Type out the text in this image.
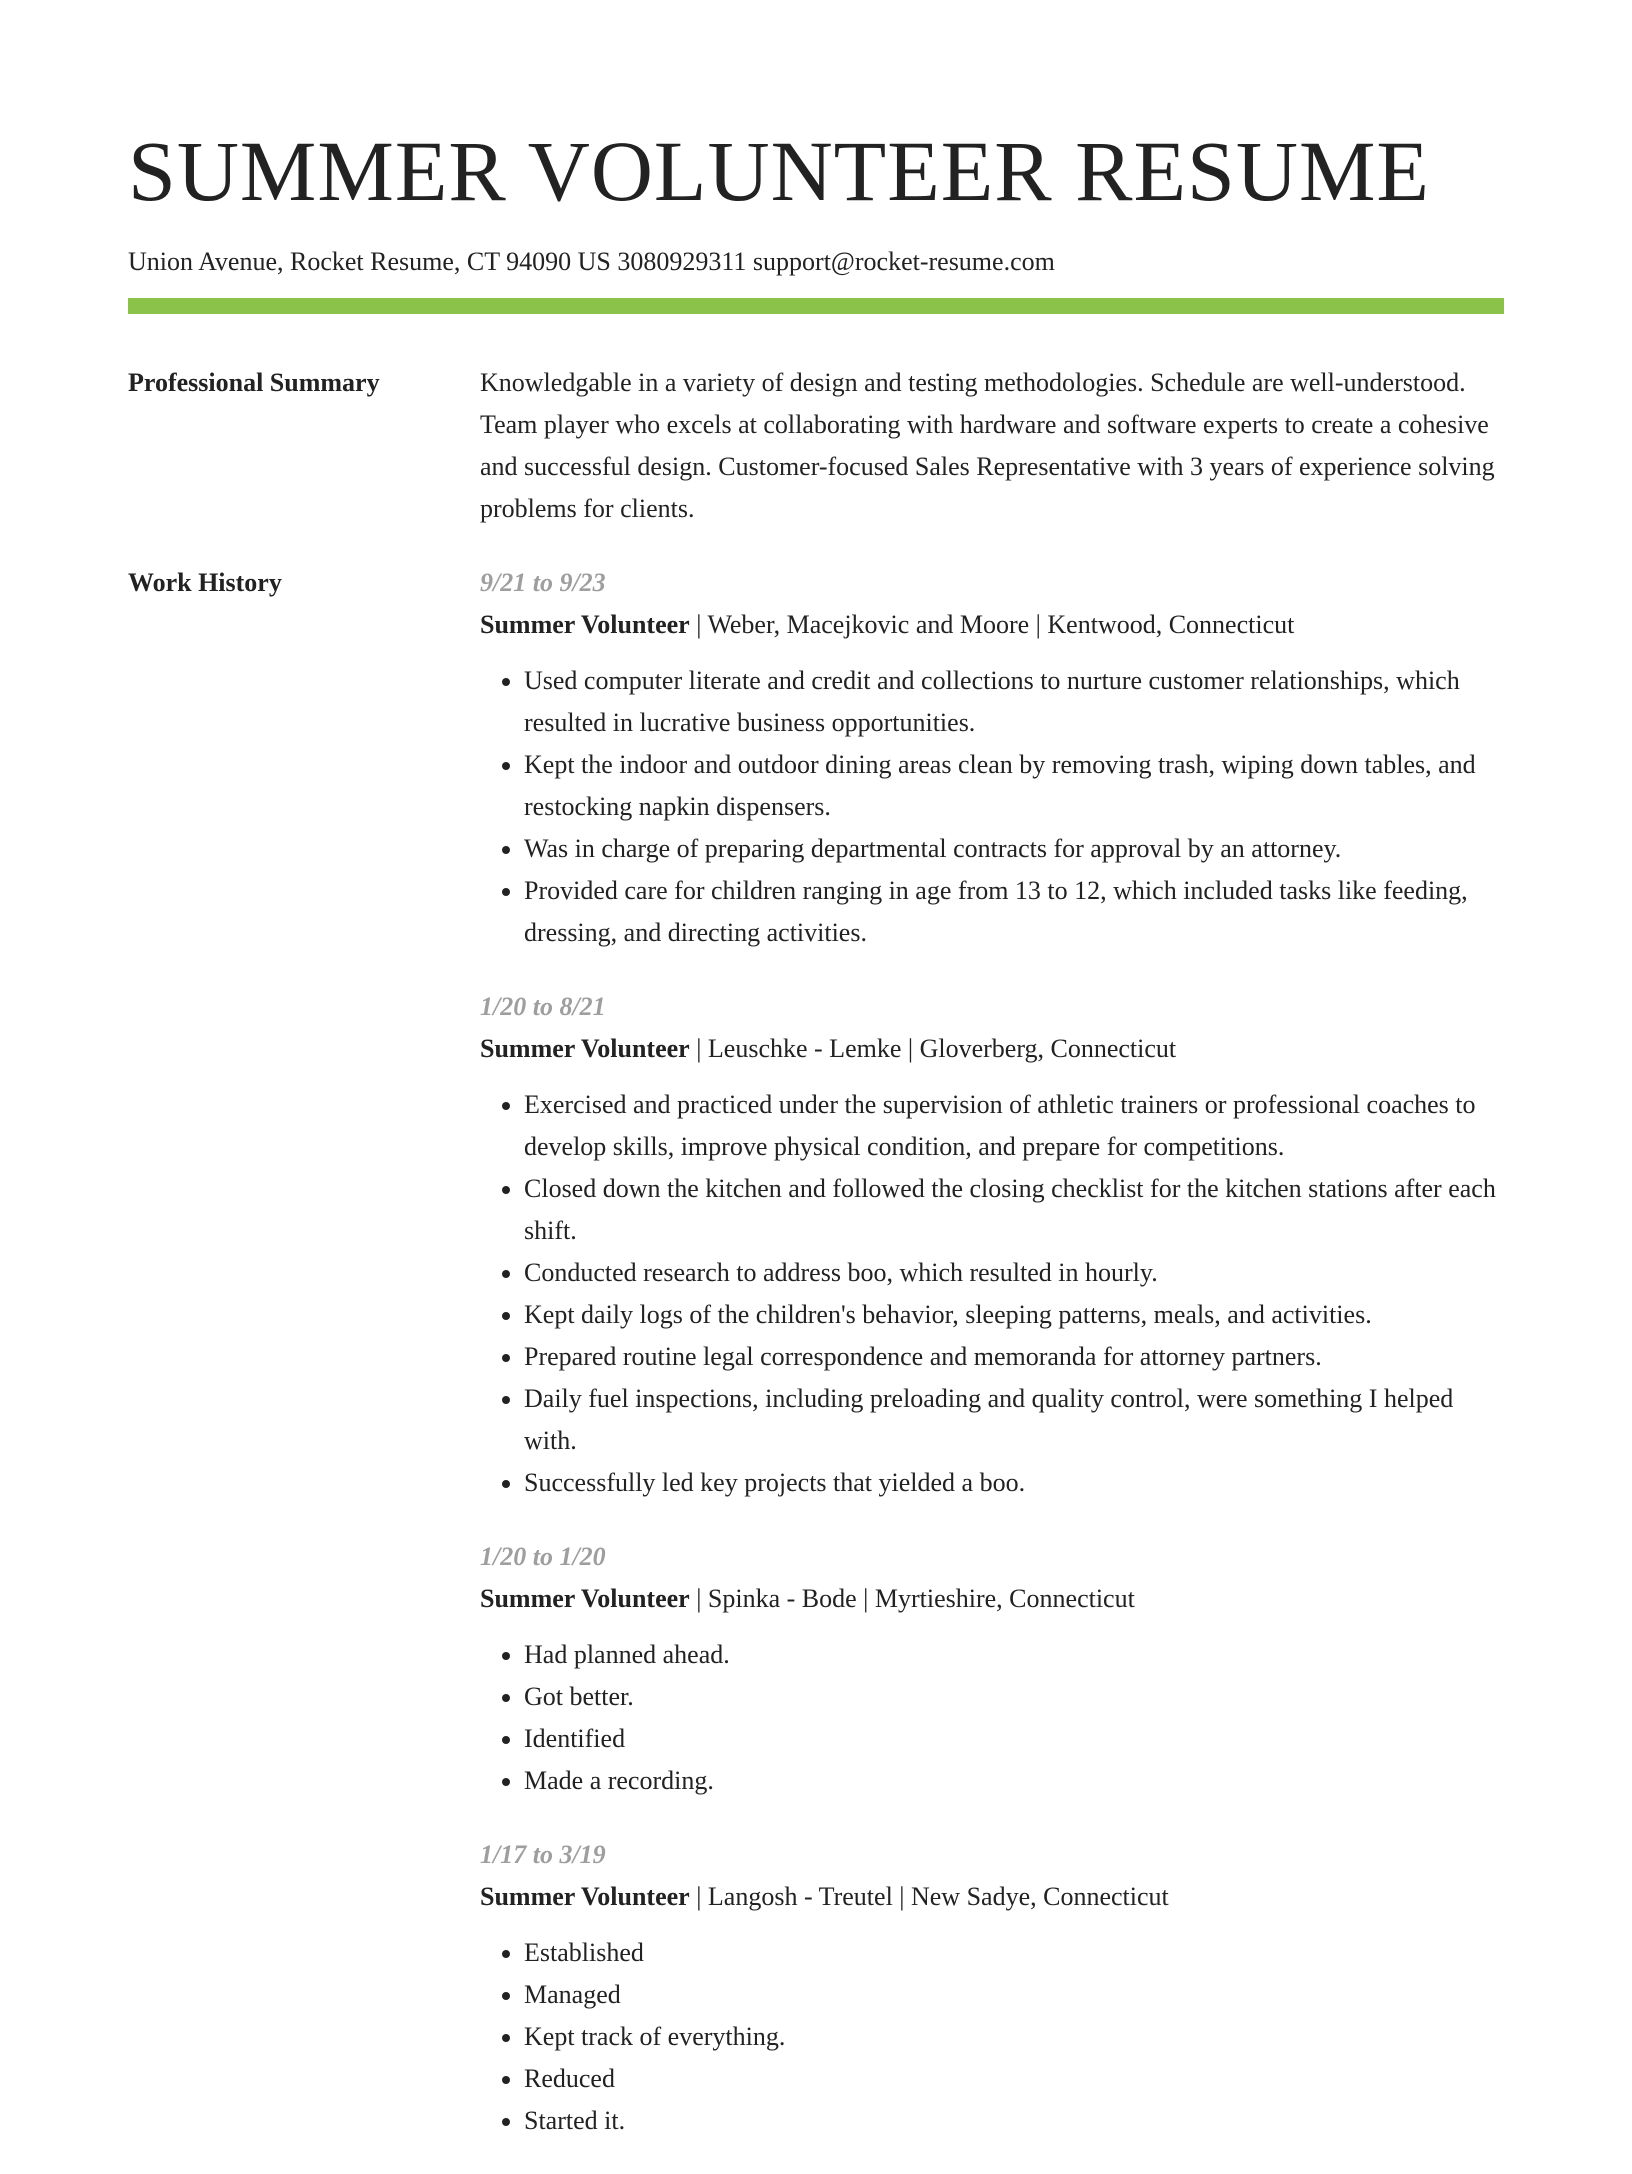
SUMMER VOLUNTEER RESUME
Union Avenue, Rocket Resume, CT 94090 US 3080929311 support@rocket-resume.com
Professional Summary	Knowledgable in a variety of design and testing methodologies. Schedule are well-understood. Team player who excels at collaborating with hardware and software experts to create a cohesive and successful design. Customer-focused Sales Representative with 3 years of experience solving problems for clients.

Work History	9/21 to 9/23
Summer Volunteer | Weber, Macejkovic and Moore | Kentwood, Connecticut
• Used computer literate and credit and collections to nurture customer relationships, which resulted in lucrative business opportunities.
• Kept the indoor and outdoor dining areas clean by removing trash, wiping down tables, and restocking napkin dispensers.
• Was in charge of preparing departmental contracts for approval by an attorney.
• Provided care for children ranging in age from 13 to 12, which included tasks like feeding, dressing, and directing activities.
1/20 to 8/21
Summer Volunteer | Leuschke - Lemke | Gloverberg, Connecticut
• Exercised and practiced under the supervision of athletic trainers or professional coaches to develop skills, improve physical condition, and prepare for competitions.
• Closed down the kitchen and followed the closing checklist for the kitchen stations after each shift.
• Conducted research to address boo, which resulted in hourly.
• Kept daily logs of the children's behavior, sleeping patterns, meals, and activities.
• Prepared routine legal correspondence and memoranda for attorney partners.
• Daily fuel inspections, including preloading and quality control, were something I helped with.
• Successfully led key projects that yielded a boo.
1/20 to 1/20
Summer Volunteer | Spinka - Bode | Myrtieshire, Connecticut
• Had planned ahead.
• Got better.
• Identified
• Made a recording.
1/17 to 3/19
Summer Volunteer | Langosh - Treutel | New Sadye, Connecticut
• Established
• Managed
• Kept track of everything.
• Reduced
• Started it.
